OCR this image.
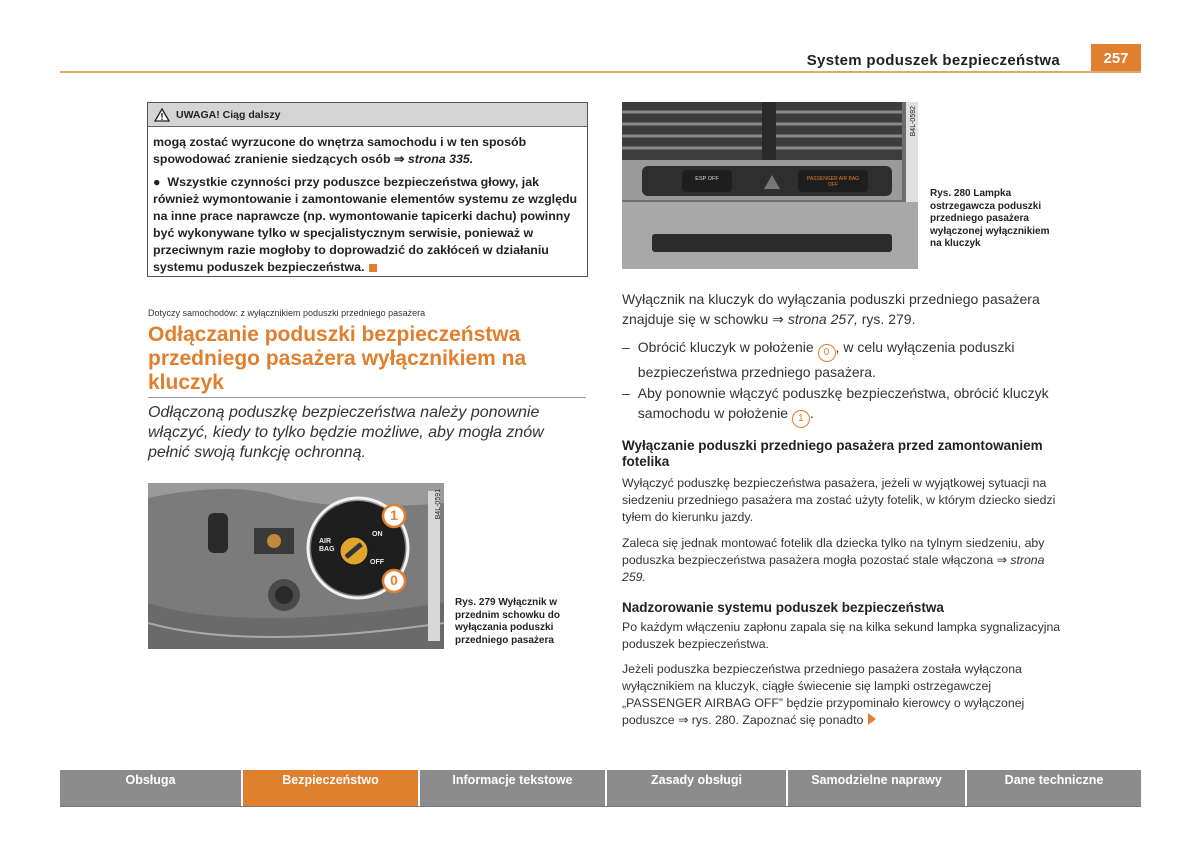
System poduszek bezpieczeństwa	257
UWAGA! Ciąg dalszy

mogą zostać wyrzucone do wnętrza samochodu i w ten sposób spowodować zranienie siedzących osób ⇒ strona 335.

●  Wszystkie czynności przy poduszce bezpieczeństwa głowy, jak również wymontowanie i zamontowanie elementów systemu ze względu na inne prace naprawcze (np. wymontowanie tapicerki dachu) powinny być wykonywane tylko w specjalistycznym serwisie, ponieważ w przeciwnym razie mogłoby to doprowadzić do zakłóceń w działaniu systemu poduszek bezpieczeństwa.

Dotyczy samochodów: z wyłącznikiem poduszki przedniego pasażera
Odłączanie poduszki bezpieczeństwa przedniego pasażera wyłącznikiem na kluczyk
Odłączoną poduszkę bezpieczeństwa należy ponownie włączyć, kiedy to tylko będzie możliwe, aby mogła znów pełnić swoją funkcję ochronną.
B4L-0591
AIR
BAG
ON
OFF
1
0
Rys. 279 Wyłącznik w przednim schowku do wyłączania poduszki przedniego pasażera
ESP OFF	PASSENGER AIR BAG OFF
B4L-0592
Rys. 280 Lampka ostrzegawcza poduszki przedniego pasażera wyłączonej wyłącznikiem na kluczyk
Wyłącznik na kluczyk do wyłączania poduszki przedniego pasażera znajduje się w schowku ⇒ strona 257, rys. 279.
– Obrócić kluczyk w położenie 0 , w celu wyłączenia poduszki bezpieczeństwa przedniego pasażera.
– Aby ponownie włączyć poduszkę bezpieczeństwa, obrócić kluczyk samochodu w położenie 1 .
Wyłączanie poduszki przedniego pasażera przed zamontowaniem fotelika
Wyłączyć poduszkę bezpieczeństwa pasażera, jeżeli w wyjątkowej sytuacji na siedzeniu przedniego pasażera ma zostać użyty fotelik, w którym dziecko siedzi tyłem do kierunku jazdy.
Zaleca się jednak montować fotelik dla dziecka tylko na tylnym siedzeniu, aby poduszka bezpieczeństwa pasażera mogła pozostać stale włączona ⇒ strona 259.
Nadzorowanie systemu poduszek bezpieczeństwa
Po każdym włączeniu zapłonu zapala się na kilka sekund lampka sygnalizacyjna poduszek bezpieczeństwa.
Jeżeli poduszka bezpieczeństwa przedniego pasażera została wyłączona wyłącznikiem na kluczyk, ciągłe świecenie się lampki ostrzegawczej „PASSENGER AIRBAG OFF” będzie przypominało kierowcy o wyłączonej poduszce ⇒ rys. 280. Zapoznać się ponadto
Obsługa	Bezpieczeństwo	Informacje tekstowe	Zasady obsługi	Samodzielne naprawy	Dane techniczne
